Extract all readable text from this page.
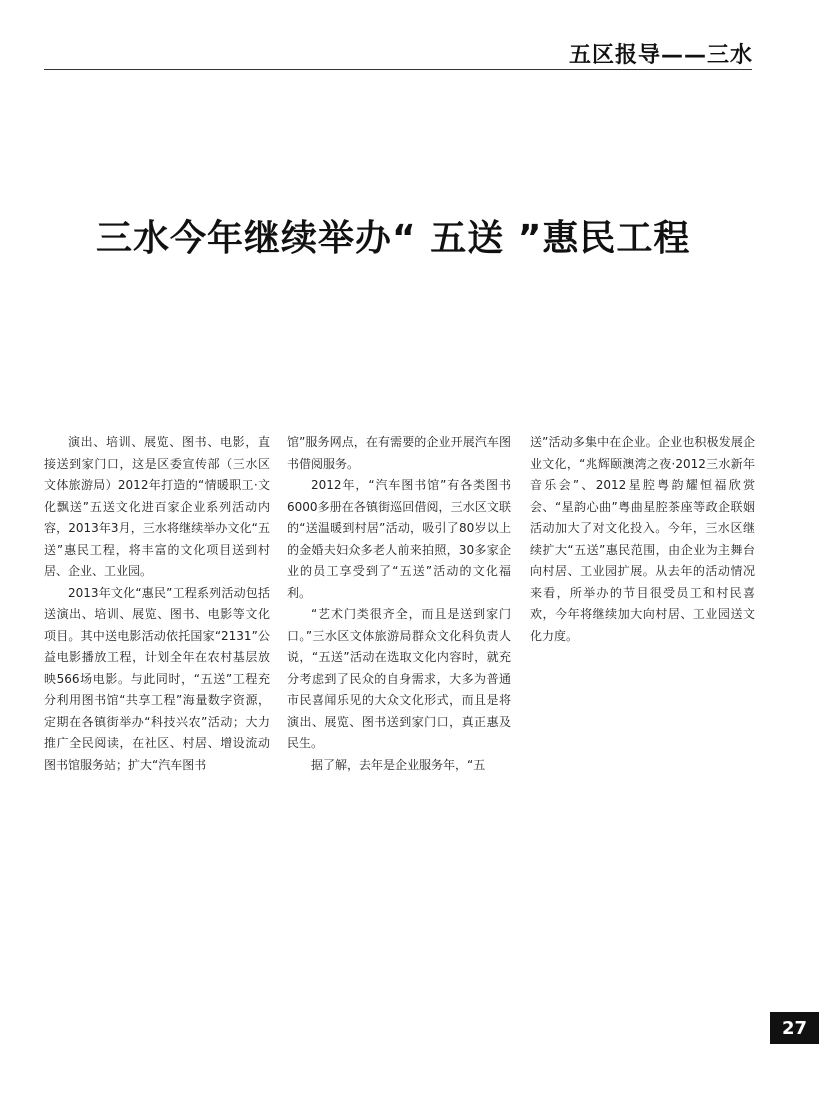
五区报导——三水
三水今年继续举办“ 五送 ”惠民工程

演出、培训、展览、图书、电影，直接送到家门口，这是区委宣传部（三水区文体旅游局）2012年打造的“情暖职工·文化飘送”五送文化进百家企业系列活动内容，2013年3月，三水将继续举办文化“五送”惠民工程，将丰富的文化项目送到村居、企业、工业园。

2013年文化“惠民”工程系列活动包括送演出、培训、展览、图书、电影等文化项目。其中送电影活动依托国家“2131”公益电影播放工程，计划全年在农村基层放映566场电影。与此同时，“五送”工程充分利用图书馆“共享工程”海量数字资源，定期在各镇街举办“科技兴农”活动；大力推广全民阅读，在社区、村居、增设流动图书馆服务站；扩大“汽车图书

馆”服务网点，在有需要的企业开展汽车图书借阅服务。

2012年，“汽车图书馆”有各类图书6000多册在各镇街巡回借阅，三水区文联的“送温暖到村居”活动，吸引了80岁以上的金婚夫妇众多老人前来拍照，30多家企业的员工享受到了“五送”活动的文化福利。

“艺术门类很齐全，而且是送到家门口。”三水区文体旅游局群众文化科负责人说，“五送”活动在选取文化内容时，就充分考虑到了民众的自身需求，大多为普通市民喜闻乐见的大众文化形式，而且是将演出、展览、图书送到家门口，真正惠及民生。

据了解，去年是企业服务年，“五

送”活动多集中在企业。企业也积极发展企业文化，“兆辉颐澳湾之夜·2012三水新年音乐会”、2012星腔粤韵耀恒福欣赏会、“星韵心曲”粤曲星腔茶座等政企联姻活动加大了对文化投入。今年，三水区继续扩大“五送”惠民范围，由企业为主舞台向村居、工业园扩展。从去年的活动情况来看，所举办的节目很受员工和村民喜欢，今年将继续加大向村居、工业园送文化力度。

27
